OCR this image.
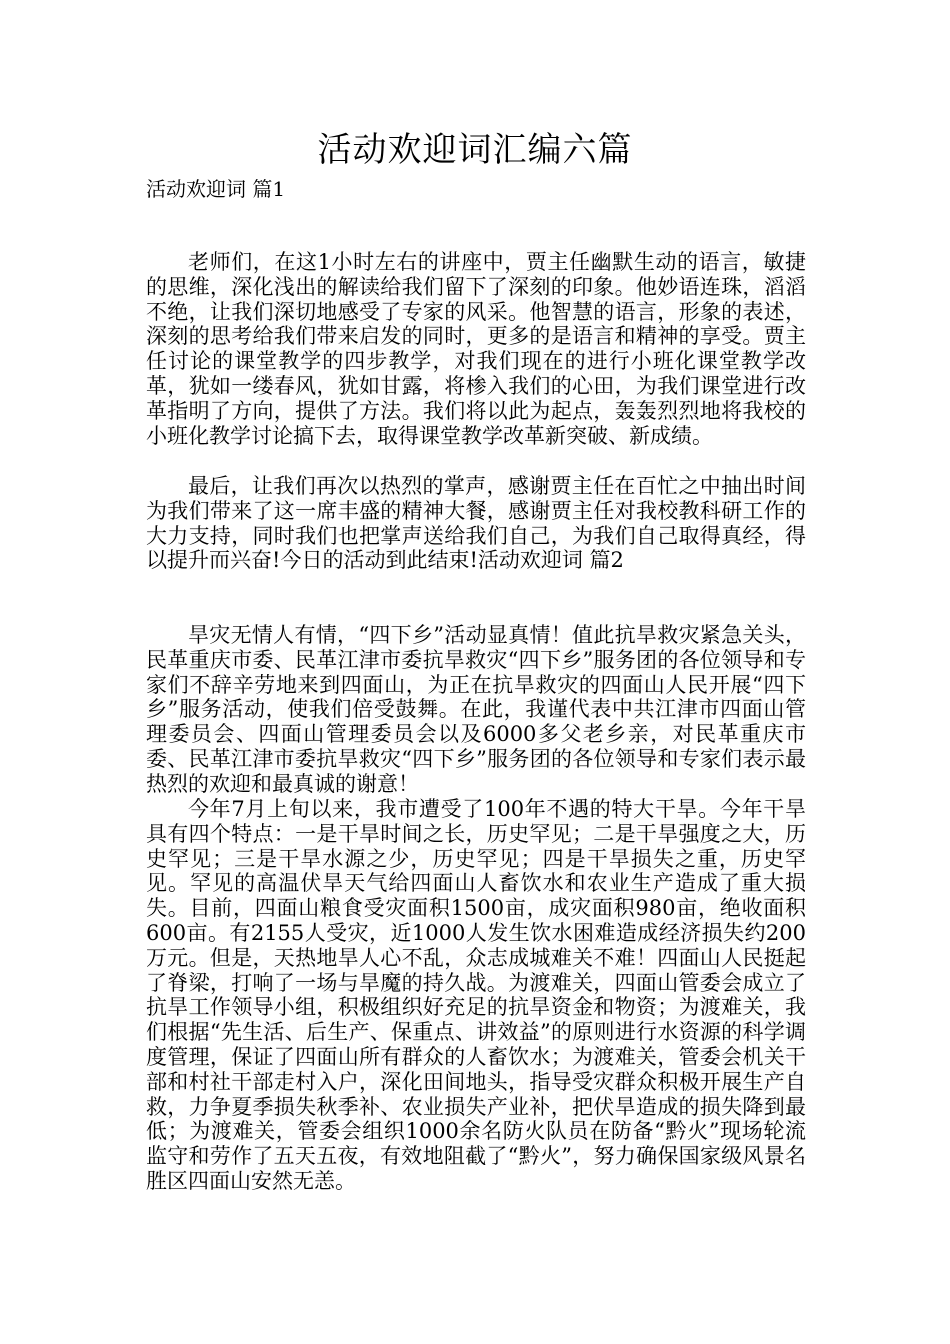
活动欢迎词汇编六篇
活动欢迎词 篇1

老师们，在这1小时左右的讲座中，贾主任幽默生动的语言，敏捷的思维，深化浅出的解读给我们留下了深刻的印象。他妙语连珠，滔滔不绝，让我们深切地感受了专家的风采。他智慧的语言，形象的表述，深刻的思考给我们带来启发的同时，更多的是语言和精神的享受。贾主任讨论的课堂教学的四步教学，对我们现在的进行小班化课堂教学改革，犹如一缕春风，犹如甘露，将椮入我们的心田，为我们课堂进行改革指明了方向，提供了方法。我们将以此为起点，轰轰烈烈地将我校的小班化教学讨论搞下去，取得课堂教学改革新突破、新成绩。

最后，让我们再次以热烈的掌声，感谢贾主任在百忙之中抽出时间为我们带来了这一席丰盛的精神大餐，感谢贾主任对我校教科研工作的大力支持，同时我们也把掌声送给我们自己，为我们自己取得真经，得以提升而兴奋!今日的活动到此结束!活动欢迎词 篇2

旱灾无情人有情，“四下乡”活动显真情！值此抗旱救灾紧急关头，民革重庆市委、民革江津市委抗旱救灾“四下乡”服务团的各位领导和专家们不辞辛劳地来到四面山，为正在抗旱救灾的四面山人民开展“四下乡”服务活动，使我们倍受鼓舞。在此，我谨代表中共江津市四面山管理委员会、四面山管理委员会以及6000多父老乡亲，对民革重庆市委、民革江津市委抗旱救灾“四下乡”服务团的各位领导和专家们表示最热烈的欢迎和最真诚的谢意！

今年7月上旬以来，我市遭受了100年不遇的特大干旱。今年干旱具有四个特点：一是干旱时间之长，历史罕见；二是干旱强度之大，历史罕见；三是干旱水源之少，历史罕见；四是干旱损失之重，历史罕见。罕见的高温伏旱天气给四面山人畜饮水和农业生产造成了重大损失。目前，四面山粮食受灾面积1500亩，成灾面积980亩，绝收面积600亩。有2155人受灾，近1000人发生饮水困难造成经济损失约200万元。但是，天热地旱人心不乱，众志成城难关不难！四面山人民挺起了脊梁，打响了一场与旱魔的持久战。为渡难关，四面山管委会成立了抗旱工作领导小组，积极组织好充足的抗旱资金和物资；为渡难关，我们根据“先生活、后生产、保重点、讲效益”的原则进行水资源的科学调度管理，保证了四面山所有群众的人畜饮水；为渡难关，管委会机关干部和村社干部走村入户，深化田间地头，指导受灾群众积极开展生产自救，力争夏季损失秋季补、农业损失产业补，把伏旱造成的损失降到最低；为渡难关，管委会组织1000余名防火队员在防备“黔火”现场轮流监守和劳作了五天五夜，有效地阻截了“黔火”，努力确保国家级风景名胜区四面山安然无恙。
